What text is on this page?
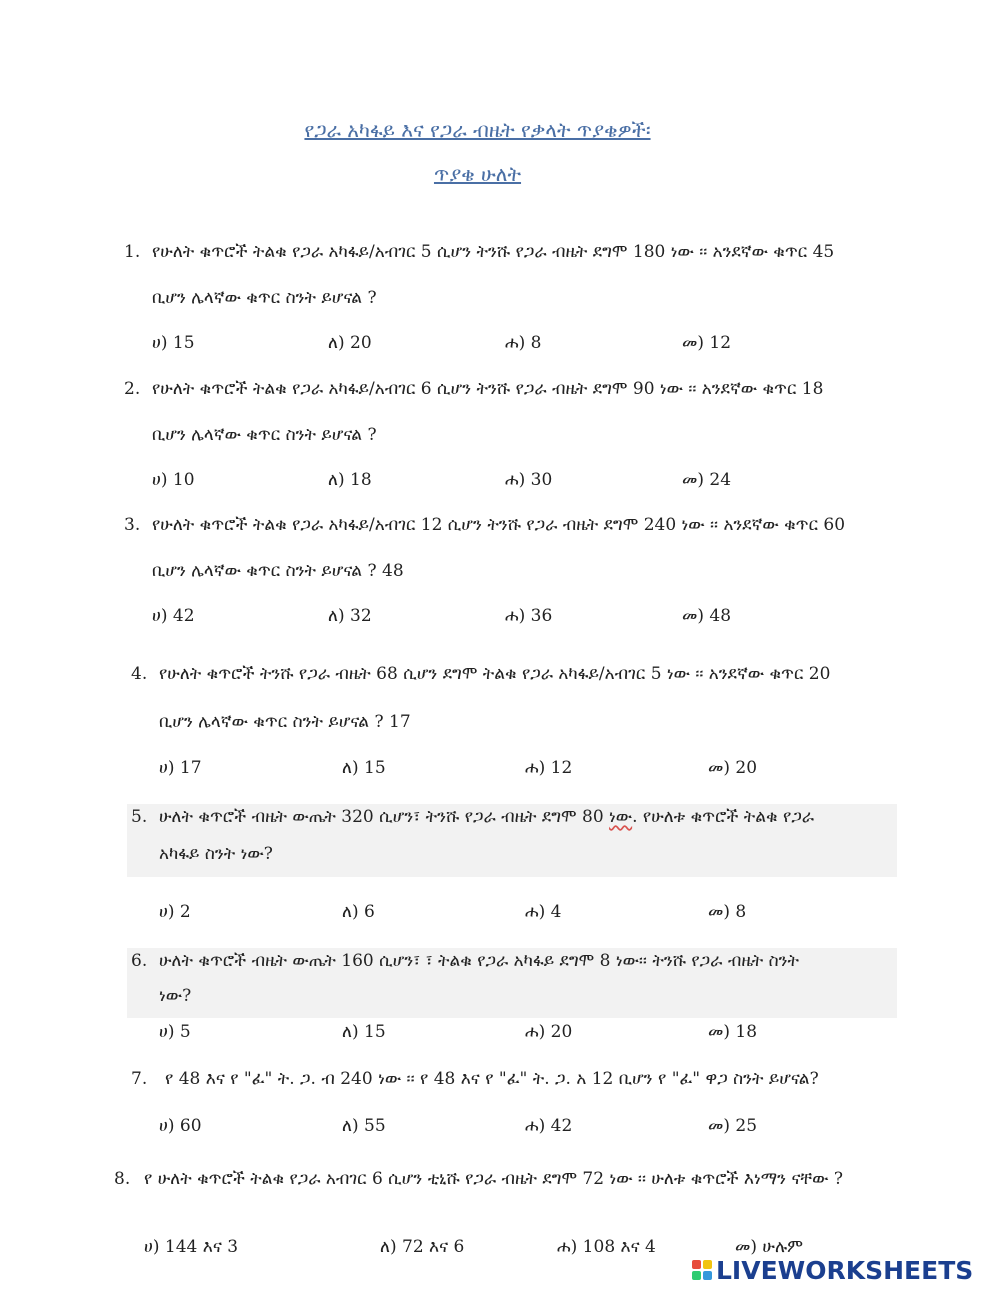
የጋራ አካፋይ እና የጋራ ብዜት የቃላት ጥያቄዎች፡
ጥያቄ ሁለት
1. የሁለት ቁጥሮች ትልቁ የጋራ አካፋይ/አብገር 5 ሲሆን ትንሹ የጋራ ብዜት ደግሞ 180 ነው ፡፡ አንደኛው ቁጥር 45
ቢሆን ሌላኛው ቁጥር ስንት ይሆናል ?
ሀ) 15	ለ) 20	ሐ) 8	መ) 12
2. የሁለት ቁጥሮች ትልቁ የጋራ አካፋይ/አብገር 6 ሲሆን ትንሹ የጋራ ብዜት ደግሞ 90 ነው ፡፡ አንደኛው ቁጥር 18
ቢሆን ሌላኛው ቁጥር ስንት ይሆናል ?
ሀ) 10	ለ) 18	ሐ) 30	መ) 24
3. የሁለት ቁጥሮች ትልቁ የጋራ አካፋይ/አብገር 12 ሲሆን ትንሹ የጋራ ብዜት ደግሞ 240 ነው ፡፡ አንደኛው ቁጥር 60
ቢሆን ሌላኛው ቁጥር ስንት ይሆናል ? 48
ሀ) 42	ለ) 32	ሐ) 36	መ) 48
4. የሁለት ቁጥሮች ትንሹ የጋራ ብዜት 68 ሲሆን ደግሞ ትልቁ የጋራ አካፋይ/አብገር 5 ነው ፡፡ አንደኛው ቁጥር 20
ቢሆን ሌላኛው ቁጥር ስንት ይሆናል ? 17
ሀ) 17	ለ) 15	ሐ) 12	መ) 20
5. ሁለት ቁጥሮች ብዜት ውጤት 320 ሲሆን፣ ትንሹ የጋራ ብዜት ደግሞ 80 ነው. የሁለቱ ቁጥሮች ትልቁ የጋራ
አካፋይ ስንት ነው?
ሀ) 2	ለ) 6	ሐ) 4	መ) 8
6. ሁለት ቁጥሮች ብዜት ውጤት 160 ሲሆን፣ ፣ ትልቁ የጋራ አካፋይ ደግሞ 8 ነው፡፡ ትንሹ የጋራ ብዜት ስንት
ነው?
ሀ) 5	ለ) 15	ሐ) 20	መ) 18
7. የ 48 እና የ "ፈ" ት. ጋ. ብ 240 ነው ፡፡ የ 48 እና የ "ፈ" ት. ጋ. አ 12 ቢሆን የ "ፈ" ዋጋ ስንት ይሆናል?
ሀ) 60	ለ) 55	ሐ) 42	መ) 25
8. የ ሁለት ቁጥሮች ትልቁ የጋራ አብገር 6 ሲሆን ቲኒሹ የጋራ ብዜት ደግሞ 72 ነው ፡፡ ሁለቱ ቁጥሮች እነማን ናቸው ?
ሀ) 144 እና 3	ለ) 72 እና 6	ሐ) 108 እና 4	መ) ሁሉም
LIVEWORKSHEETS
